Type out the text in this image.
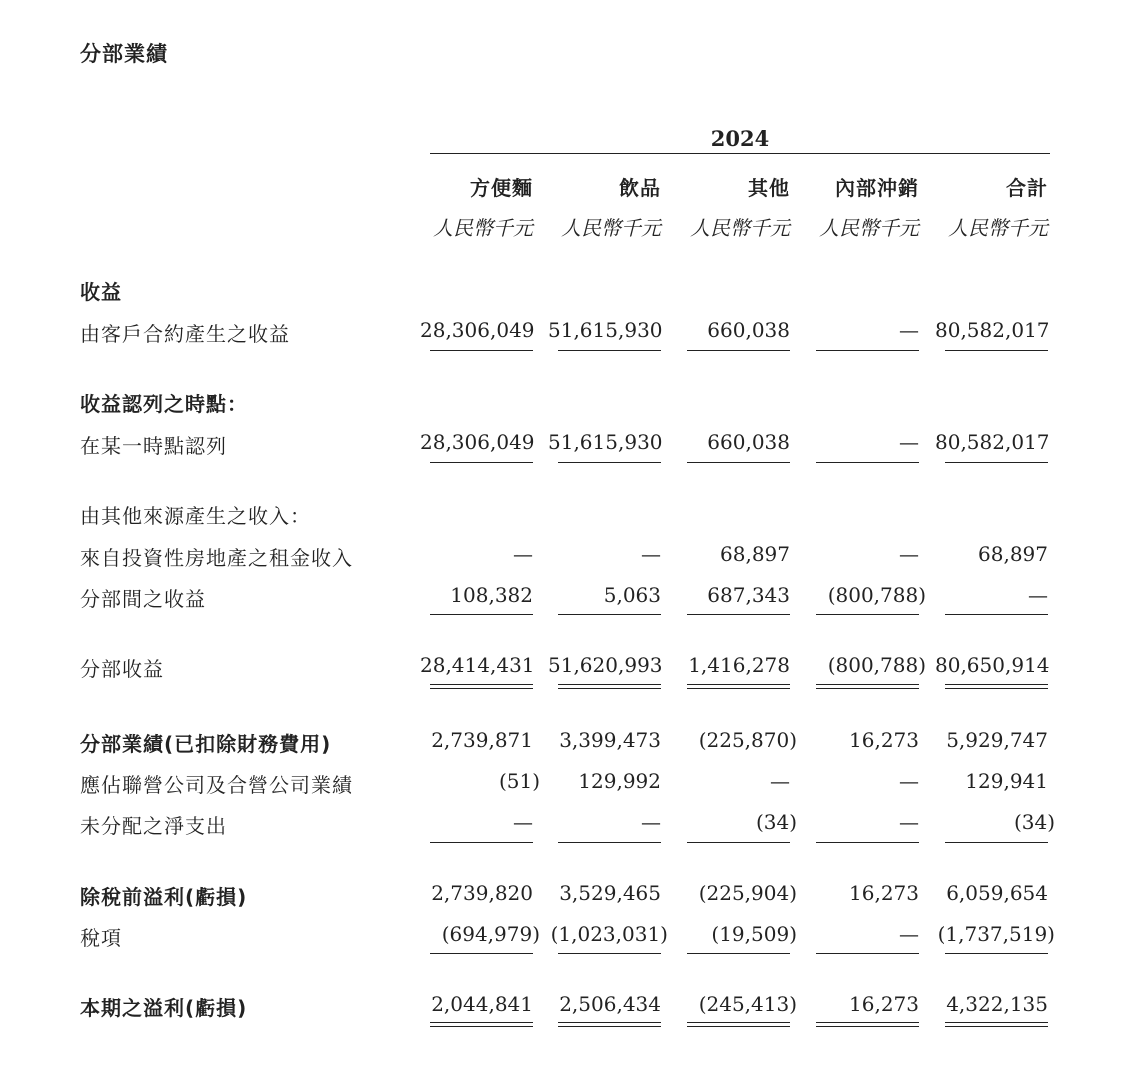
分部業績
2024
方便麵	飲品	其他	內部沖銷	合計
人民幣千元	人民幣千元	人民幣千元	人民幣千元	人民幣千元
收益
收益認列之時點：
由其他來源產生之收入：
由客戶合約產生之收益	28,306,049 51,615,930	660,038	— 80,582,017
在某一時點認列	28,306,049 51,615,930	660,038	— 80,582,017
來自投資性房地產之租金收入	—	—	68,897	—	68,897
分部間之收益	108,382	5,063	687,343	(800,788)	—
分部收益	28,414,431 51,620,993	1,416,278	(800,788) 80,650,914
分部業績(已扣除財務費用)	2,739,871	3,399,473	(225,870)	16,273	5,929,747
應佔聯營公司及合營公司業績	(51)	129,992	—	—	129,941
未分配之淨支出	—	—	(34)	—	(34)
除稅前溢利(虧損)	2,739,820	3,529,465	(225,904)	16,273	6,059,654
稅項	(694,979) (1,023,031)	(19,509)	— (1,737,519)
本期之溢利(虧損)	2,044,841	2,506,434	(245,413)	16,273	4,322,135
